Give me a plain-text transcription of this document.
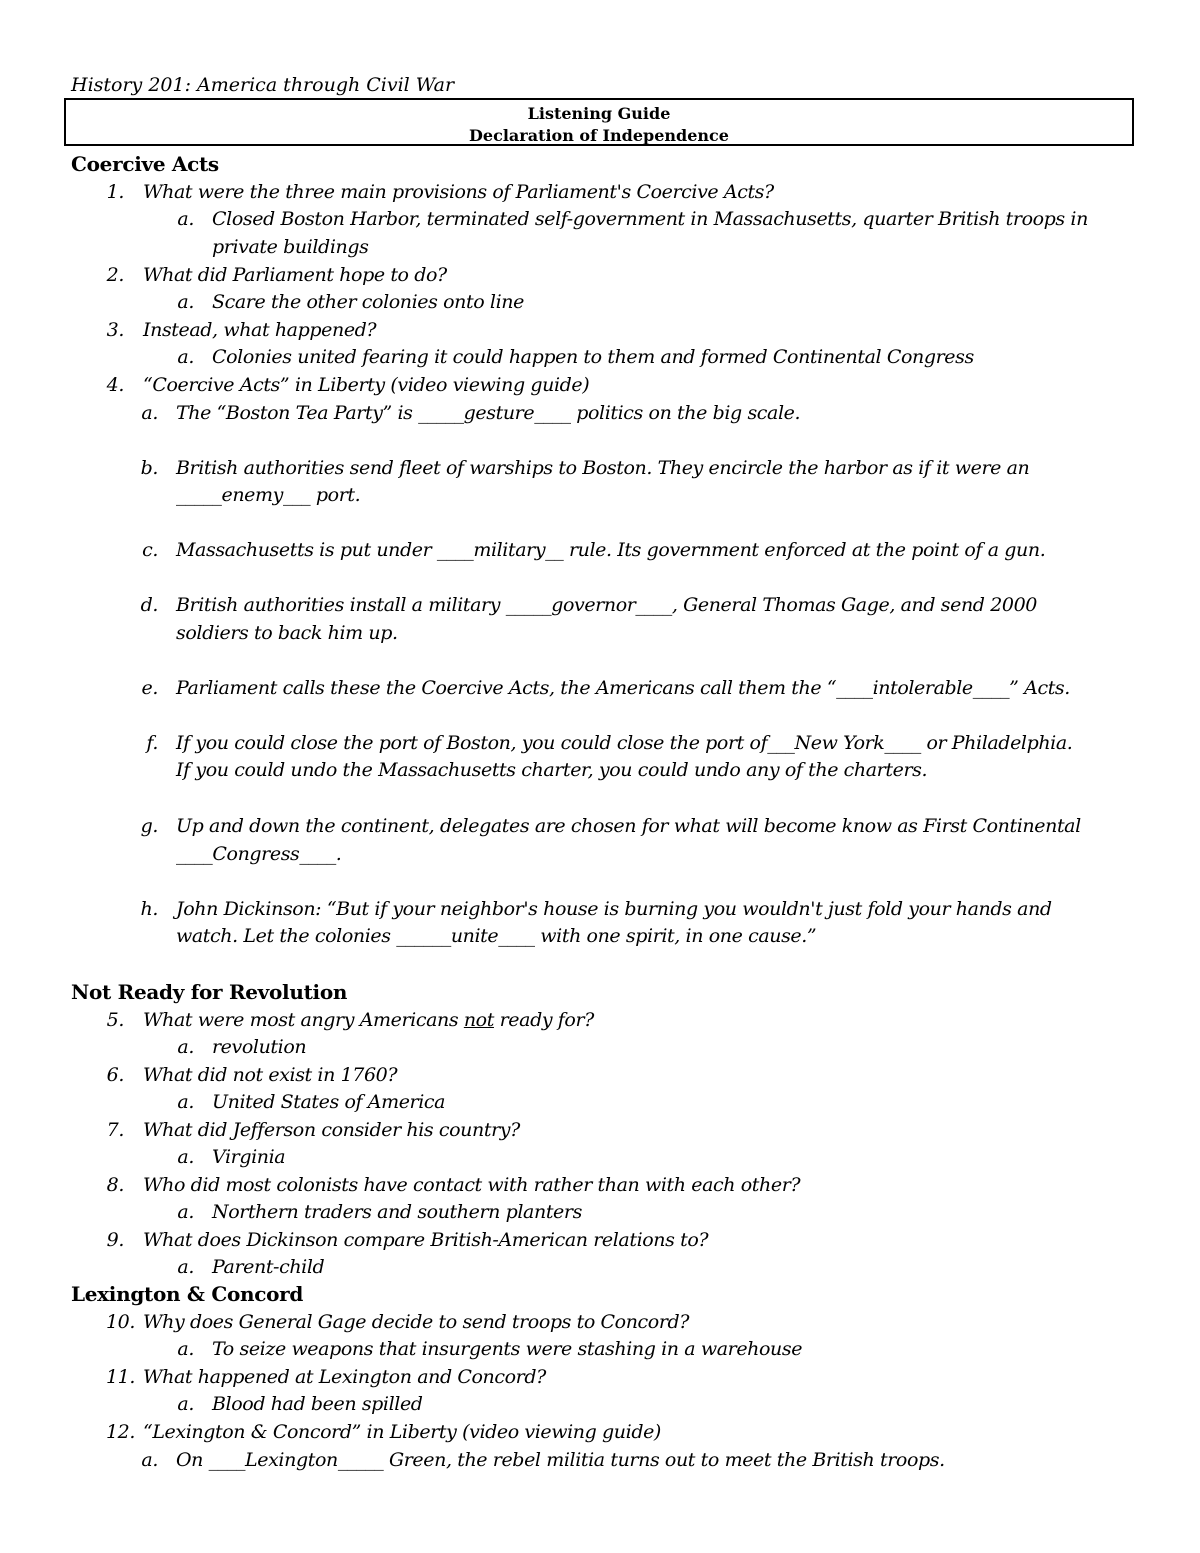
History 201: America through Civil War
Listening Guide
Declaration of Independence
Coercive Acts
1. What were the three main provisions of Parliament's Coercive Acts?
a. Closed Boston Harbor, terminated self-government in Massachusetts, quarter British troops in
private buildings
2. What did Parliament hope to do?
a. Scare the other colonies onto line
3. Instead, what happened?
a. Colonies united fearing it could happen to them and formed Continental Congress
4. “Coercive Acts” in Liberty (video viewing guide)
a. The “Boston Tea Party” is _____gesture____ politics on the big scale.
b. British authorities send fleet of warships to Boston. They encircle the harbor as if it were an
_____enemy___ port.
c. Massachusetts is put under ____military__ rule. Its government enforced at the point of a gun.
d. British authorities install a military _____governor____, General Thomas Gage, and send 2000
soldiers to back him up.
e. Parliament calls these the Coercive Acts, the Americans call them the “____intolerable____” Acts.
f. If you could close the port of Boston, you could close the port of___New York____ or Philadelphia.
If you could undo the Massachusetts charter, you could undo any of the charters.
g. Up and down the continent, delegates are chosen for what will become know as First Continental
____Congress____.
h. John Dickinson: “But if your neighbor's house is burning you wouldn't just fold your hands and
watch. Let the colonies ______unite____ with one spirit, in one cause.”
Not Ready for Revolution
5. What were most angry Americans not ready for?
a. revolution
6. What did not exist in 1760?
a. United States of America
7. What did Jefferson consider his country?
a. Virginia
8. Who did most colonists have contact with rather than with each other?
a. Northern traders and southern planters
9. What does Dickinson compare British-American relations to?
a. Parent-child
Lexington & Concord
10. Why does General Gage decide to send troops to Concord?
a. To seize weapons that insurgents were stashing in a warehouse
11. What happened at Lexington and Concord?
a. Blood had been spilled
12. “Lexington & Concord” in Liberty (video viewing guide)
a. On ____Lexington_____ Green, the rebel militia turns out to meet the British troops.
